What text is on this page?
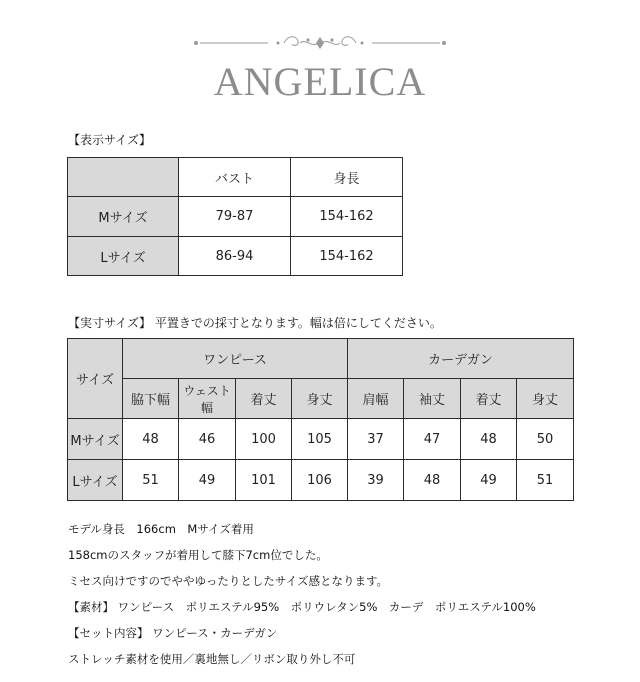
ANGELICA
【表示サイズ】
	バスト	身長
Mサイズ	79-87	154-162
Lサイズ	86-94	154-162
【実寸サイズ】 平置きでの採寸となります。幅は倍にしてください。
サイズ	ワンピース				カーデガン			
	脇下幅	ウェスト幅	着丈	身丈	肩幅	袖丈	着丈	身丈
Mサイズ	48	46	100	105	37	47	48	50
Lサイズ	51	49	101	106	39	48	49	51
モデル身長　166cm　Mサイズ着用
158cmのスタッフが着用して膝下7cm位でした。
ミセス向けですのでややゆったりとしたサイズ感となります。
【素材】 ワンピース　ポリエステル95%　ポリウレタン5%　カーデ　ポリエステル100%
【セット内容】 ワンピース・カーデガン
ストレッチ素材を使用／裏地無し／リボン取り外し不可
